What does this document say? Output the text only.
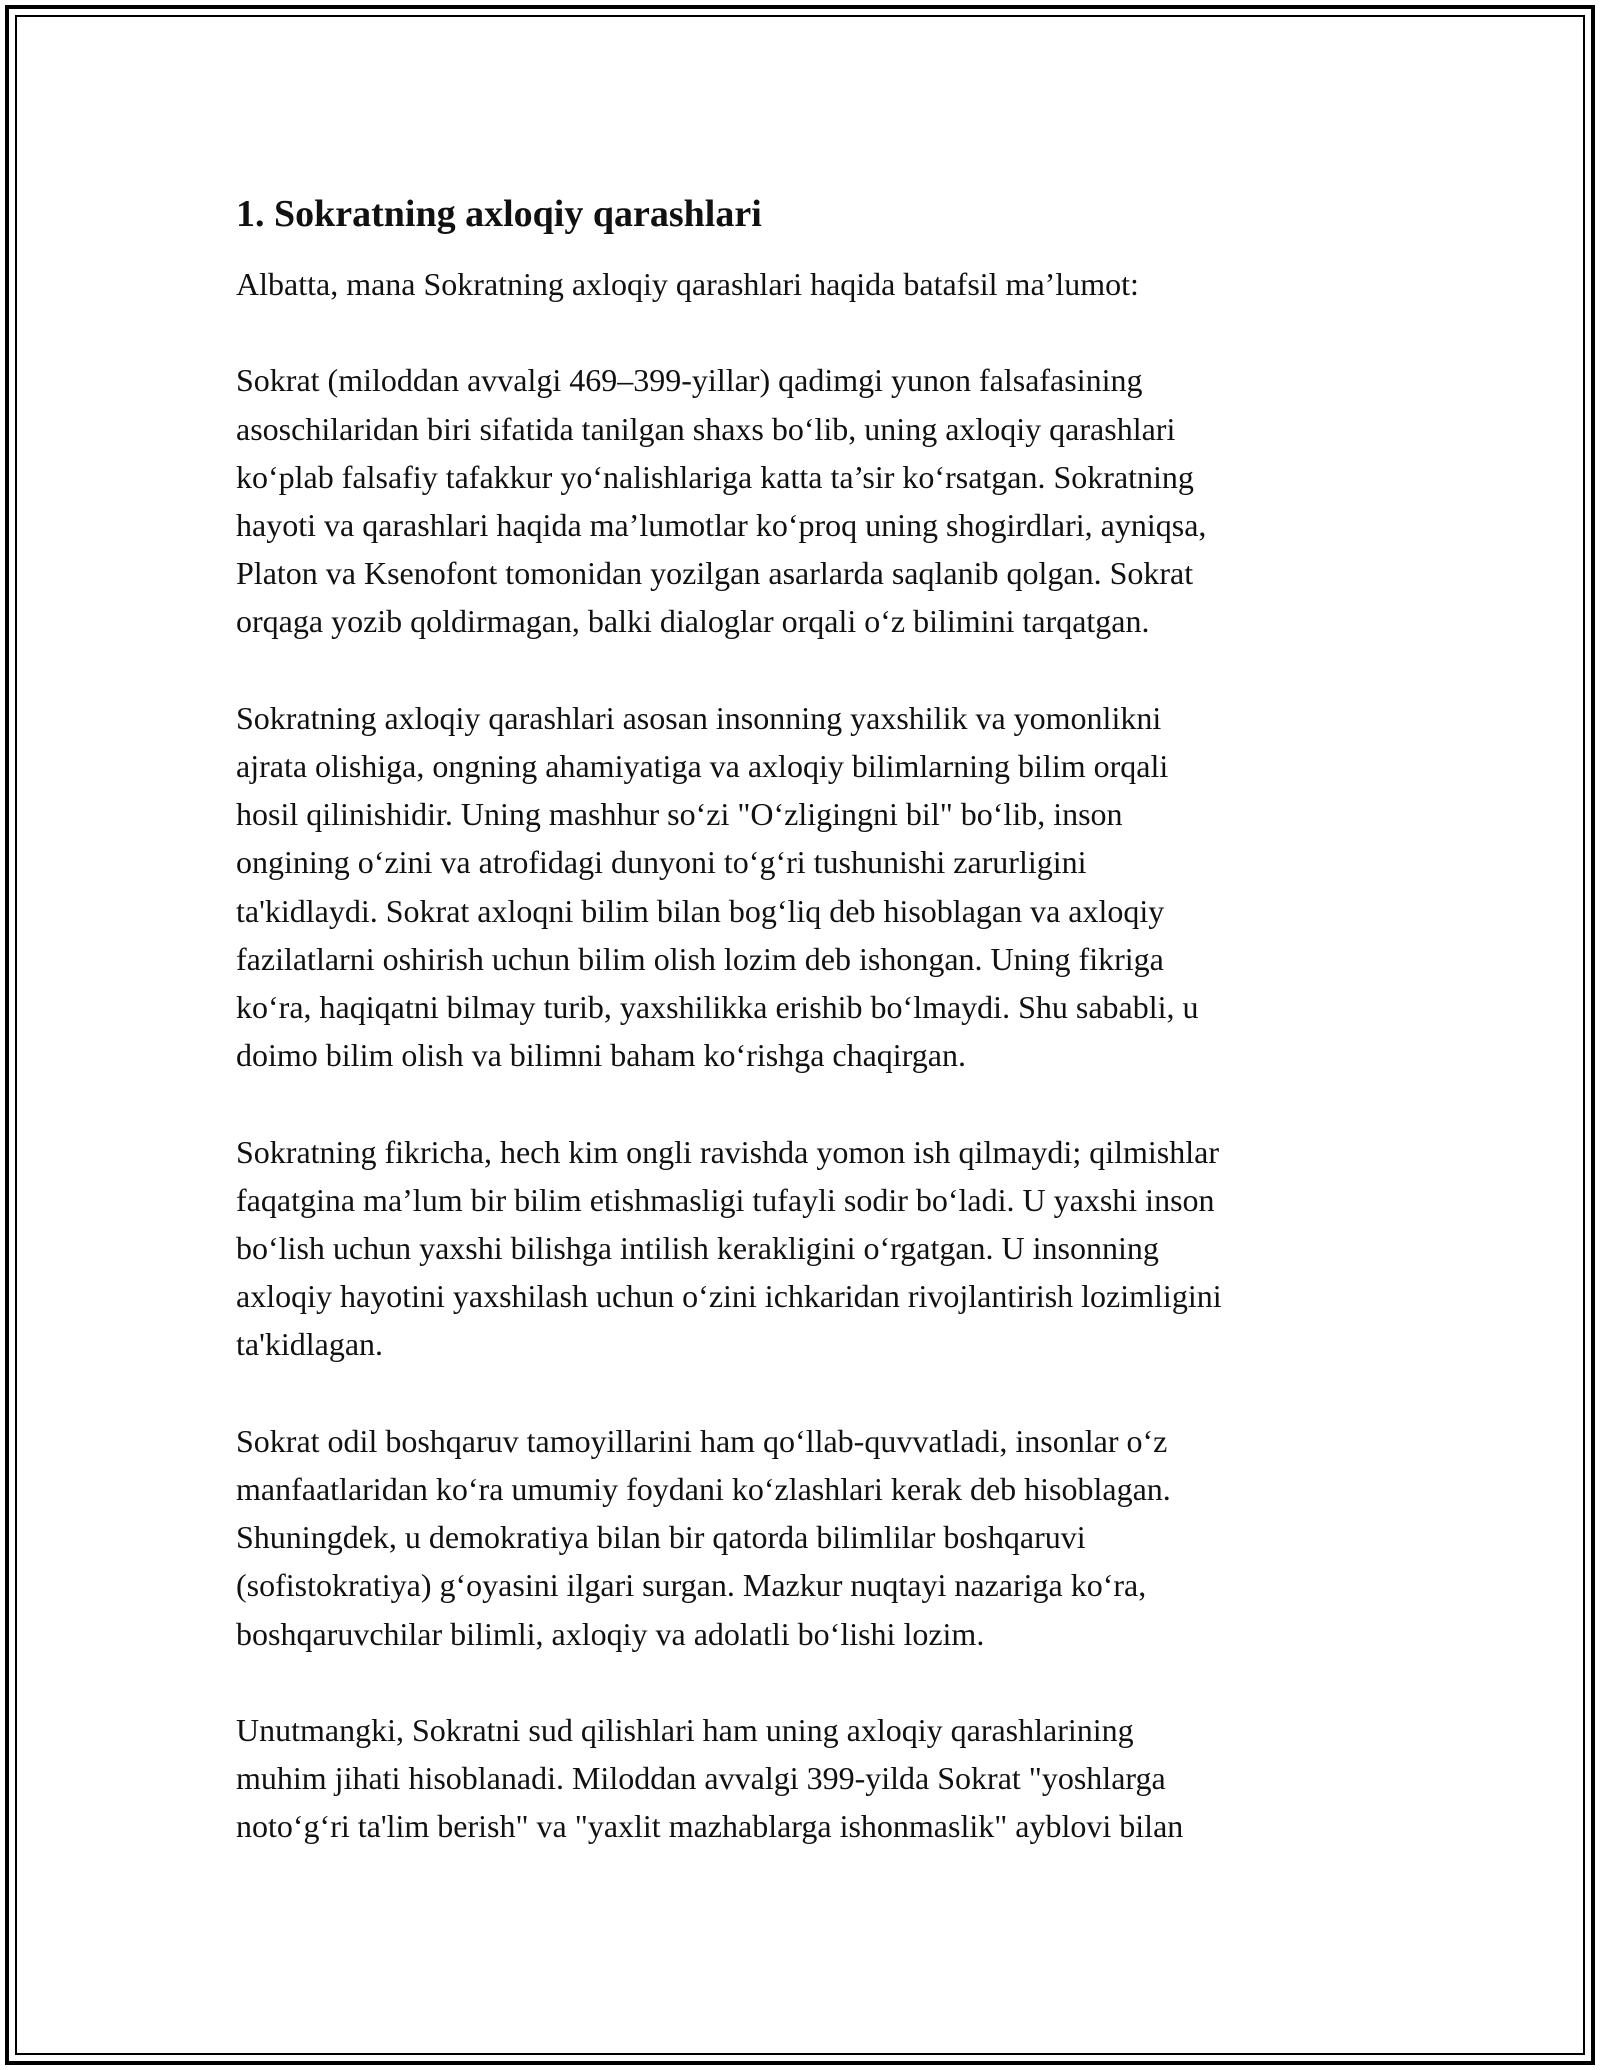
1. Sokratning axloqiy qarashlari

Albatta, mana Sokratning axloqiy qarashlari haqida batafsil ma’lumot:

Sokrat (miloddan avvalgi 469–399-yillar) qadimgi yunon falsafasining
asoschilaridan biri sifatida tanilgan shaxs bo‘lib, uning axloqiy qarashlari
ko‘plab falsafiy tafakkur yo‘nalishlariga katta ta’sir ko‘rsatgan. Sokratning
hayoti va qarashlari haqida ma’lumotlar ko‘proq uning shogirdlari, ayniqsa,
Platon va Ksenofont tomonidan yozilgan asarlarda saqlanib qolgan. Sokrat
orqaga yozib qoldirmagan, balki dialoglar orqali o‘z bilimini tarqatgan.

Sokratning axloqiy qarashlari asosan insonning yaxshilik va yomonlikni
ajrata olishiga, ongning ahamiyatiga va axloqiy bilimlarning bilim orqali
hosil qilinishidir. Uning mashhur so‘zi "O‘zligingni bil" bo‘lib, inson
ongining o‘zini va atrofidagi dunyoni to‘g‘ri tushunishi zarurligini
ta'kidlaydi. Sokrat axloqni bilim bilan bog‘liq deb hisoblagan va axloqiy
fazilatlarni oshirish uchun bilim olish lozim deb ishongan. Uning fikriga
ko‘ra, haqiqatni bilmay turib, yaxshilikka erishib bo‘lmaydi. Shu sababli, u
doimo bilim olish va bilimni baham ko‘rishga chaqirgan.

Sokratning fikricha, hech kim ongli ravishda yomon ish qilmaydi; qilmishlar
faqatgina ma’lum bir bilim etishmasligi tufayli sodir bo‘ladi. U yaxshi inson
bo‘lish uchun yaxshi bilishga intilish kerakligini o‘rgatgan. U insonning
axloqiy hayotini yaxshilash uchun o‘zini ichkaridan rivojlantirish lozimligini
ta'kidlagan.

Sokrat odil boshqaruv tamoyillarini ham qo‘llab-quvvatladi, insonlar o‘z
manfaatlaridan ko‘ra umumiy foydani ko‘zlashlari kerak deb hisoblagan.
Shuningdek, u demokratiya bilan bir qatorda bilimlilar boshqaruvi
(sofistokratiya) g‘oyasini ilgari surgan. Mazkur nuqtayi nazariga ko‘ra,
boshqaruvchilar bilimli, axloqiy va adolatli bo‘lishi lozim.

Unutmangki, Sokratni sud qilishlari ham uning axloqiy qarashlarining
muhim jihati hisoblanadi. Miloddan avvalgi 399-yilda Sokrat "yoshlarga
noto‘g‘ri ta'lim berish" va "yaxlit mazhablarga ishonmaslik" ayblovi bilan
